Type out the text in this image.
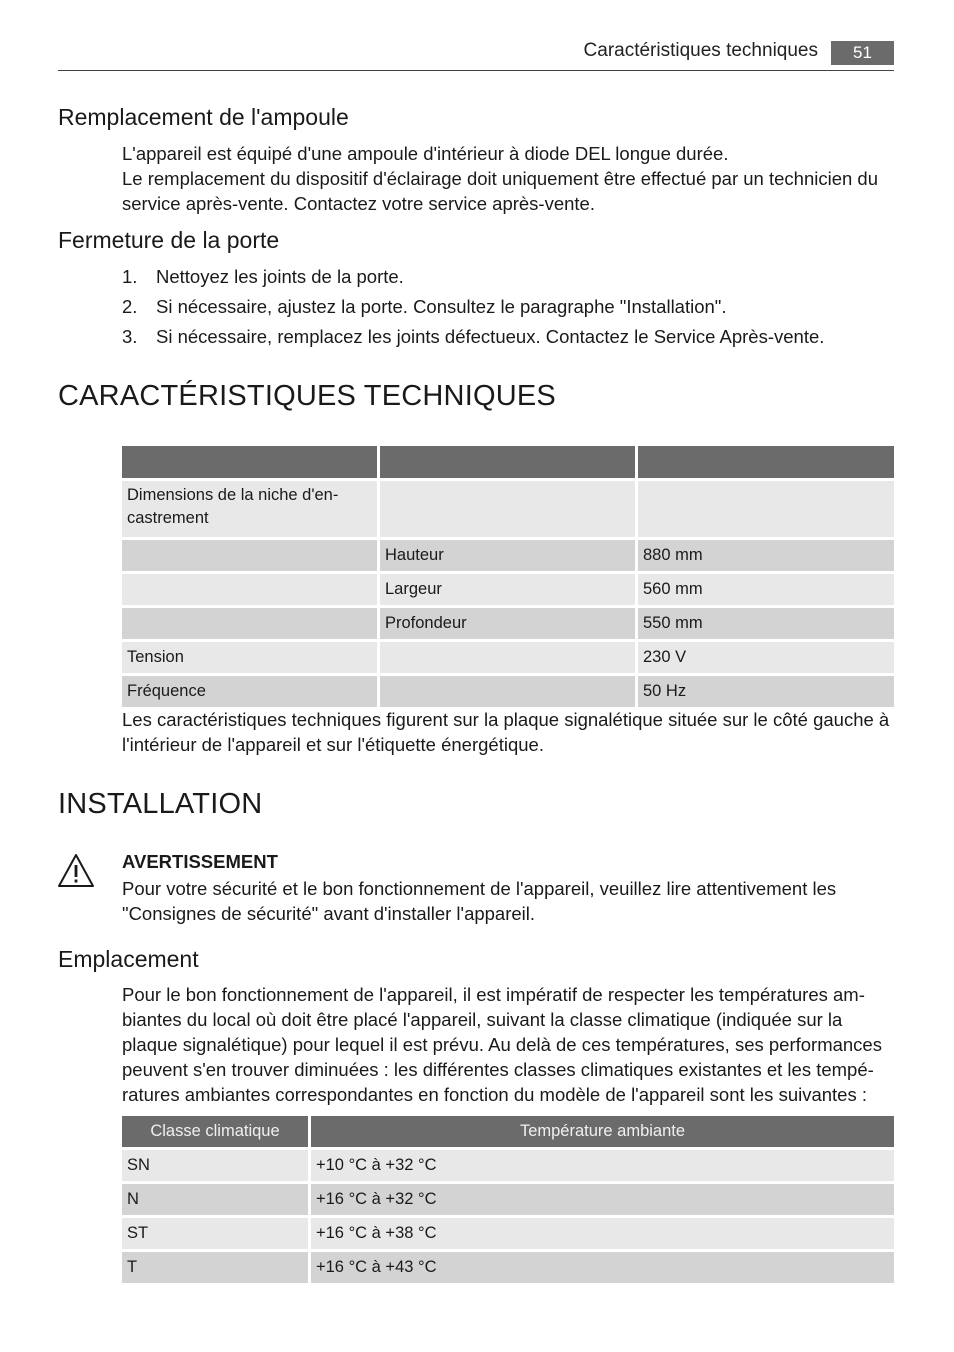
Caractéristiques techniques	51
Remplacement de l'ampoule

L'appareil est équipé d'une ampoule d'intérieur à diode DEL longue durée.

Le remplacement du dispositif d'éclairage doit uniquement être effectué par un technicien du service après-vente. Contactez votre service après-vente.

Fermeture de la porte
1.	Nettoyez les joints de la porte.
2.	Si nécessaire, ajustez la porte. Consultez le paragraphe "Installation".
3.	Si nécessaire, remplacez les joints défectueux. Contactez le Service Après-vente.
CARACTÉRISTIQUES TECHNIQUES

Dimensions de la niche d'en-castrement		
	Hauteur	880 mm
	Largeur	560 mm
	Profondeur	550 mm
Tension		230 V
Fréquence		50 Hz
Les caractéristiques techniques figurent sur la plaque signalétique située sur le côté gauche à l'intérieur de l'appareil et sur l'étiquette énergétique.
INSTALLATION
AVERTISSEMENT
Pour votre sécurité et le bon fonctionnement de l'appareil, veuillez lire attentivement les "Consignes de sécurité" avant d'installer l'appareil.
Emplacement
Pour le bon fonctionnement de l'appareil, il est impératif de respecter les températures am-biantes du local où doit être placé l'appareil, suivant la classe climatique (indiquée sur la plaque signalétique) pour lequel il est prévu. Au delà de ces températures, ses performances peuvent s'en trouver diminuées : les différentes classes climatiques existantes et les tempé-ratures ambiantes correspondantes en fonction du modèle de l'appareil sont les suivantes :
Classe climatique	Température ambiante
SN	+10 °C à +32 °C
N	+16 °C à +32 °C
ST	+16 °C à +38 °C
T	+16 °C à +43 °C
